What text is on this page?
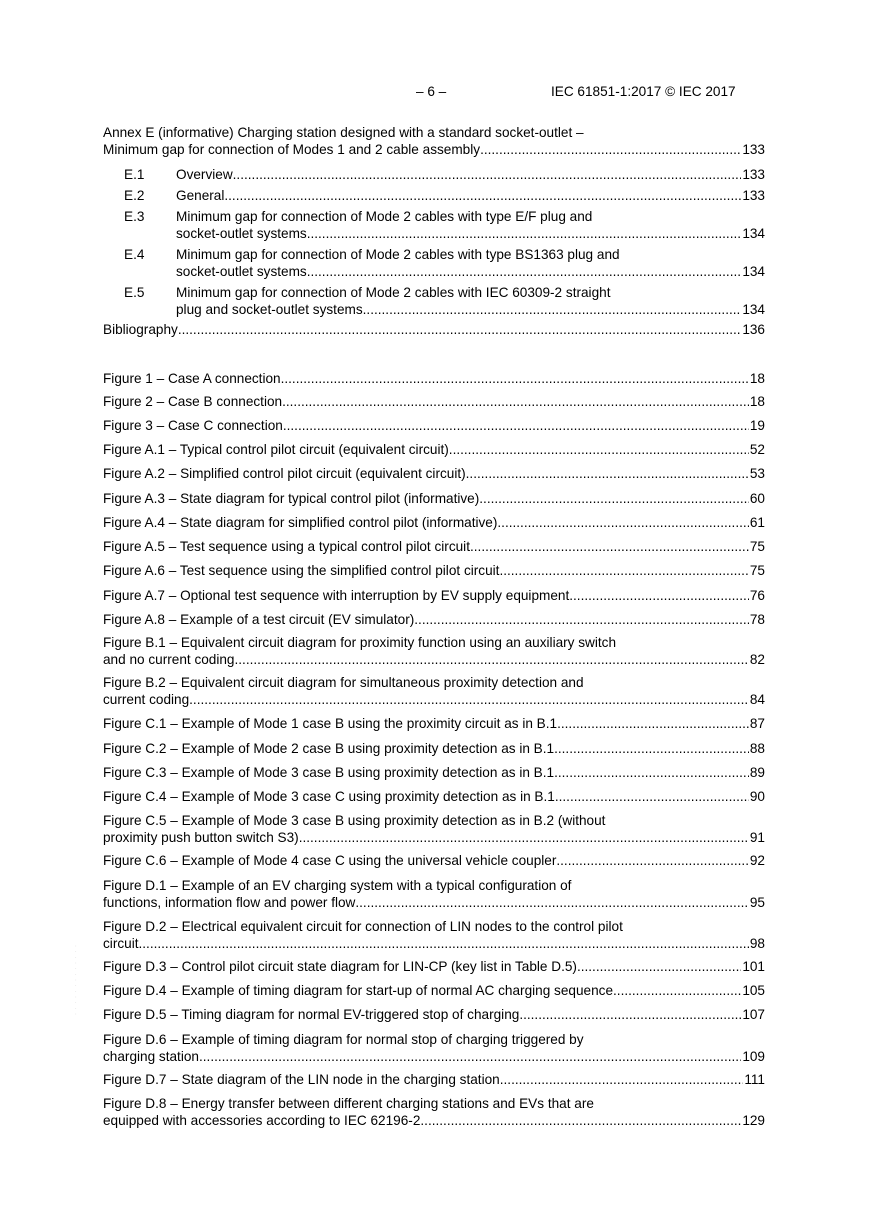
– 6 –	IEC 61851-1:2017 © IEC 2017
Annex E (informative) Charging station designed with a standard socket-outlet –
Minimum gap for connection of Modes 1 and 2 cable assembly .....	133
E.1 Overview .....	133
E.2 General .....	133
E.3 Minimum gap for connection of Mode 2 cables with type E/F plug and
socket-outlet systems .....	134
E.4 Minimum gap for connection of Mode 2 cables with type BS1363 plug and
socket-outlet systems .....	134
E.5 Minimum gap for connection of Mode 2 cables with IEC 60309-2 straight
plug and socket-outlet systems .....	134
Bibliography .....	136
Figure 1 – Case A connection .....	18
Figure 2 – Case B connection .....	18
Figure 3 – Case C connection .....	19
Figure A.1 – Typical control pilot circuit (equivalent circuit) .....	52
Figure A.2 – Simplified control pilot circuit (equivalent circuit) .....	53
Figure A.3 – State diagram for typical control pilot (informative) .....	60
Figure A.4 – State diagram for simplified control pilot (informative) .....	61
Figure A.5 – Test sequence using a typical control pilot circuit .....	75
Figure A.6 – Test sequence using the simplified control pilot circuit .....	75
Figure A.7 – Optional test sequence with interruption by EV supply equipment .....	76
Figure A.8 – Example of a test circuit (EV simulator) .....	78
Figure B.1 – Equivalent circuit diagram for proximity function using an auxiliary switch
and no current coding .....	82
Figure B.2 – Equivalent circuit diagram for simultaneous proximity detection and
current coding .....	84
Figure C.1 – Example of Mode 1 case B using the proximity circuit as in B.1 .....	87
Figure C.2 – Example of Mode 2 case B using proximity detection as in B.1 .....	88
Figure C.3 – Example of Mode 3 case B using proximity detection as in B.1 .....	89
Figure C.4 – Example of Mode 3 case C using proximity detection as in B.1 .....	90
Figure C.5 – Example of Mode 3 case B using proximity detection as in B.2 (without
proximity push button switch S3) .....	91
Figure C.6 – Example of Mode 4 case C using the universal vehicle coupler .....	92
Figure D.1 – Example of an EV charging system with a typical configuration of
functions, information flow and power flow .....	95
Figure D.2 – Electrical equivalent circuit for connection of LIN nodes to the control pilot
circuit .....	98
Figure D.3 – Control pilot circuit state diagram for LIN-CP (key list in Table D.5) .....	101
Figure D.4 – Example of timing diagram for start-up of normal AC charging sequence .....	105
Figure D.5 – Timing diagram for normal EV-triggered stop of charging .....	107
Figure D.6 – Example of timing diagram for normal stop of charging triggered by
charging station .....	109
Figure D.7 – State diagram of the LIN node in the charging station .....	111
Figure D.8 – Energy transfer between different charging stations and EVs that are
equipped with accessories according to IEC 62196-2 .....	129
· · · · · · · · · · · · ·
